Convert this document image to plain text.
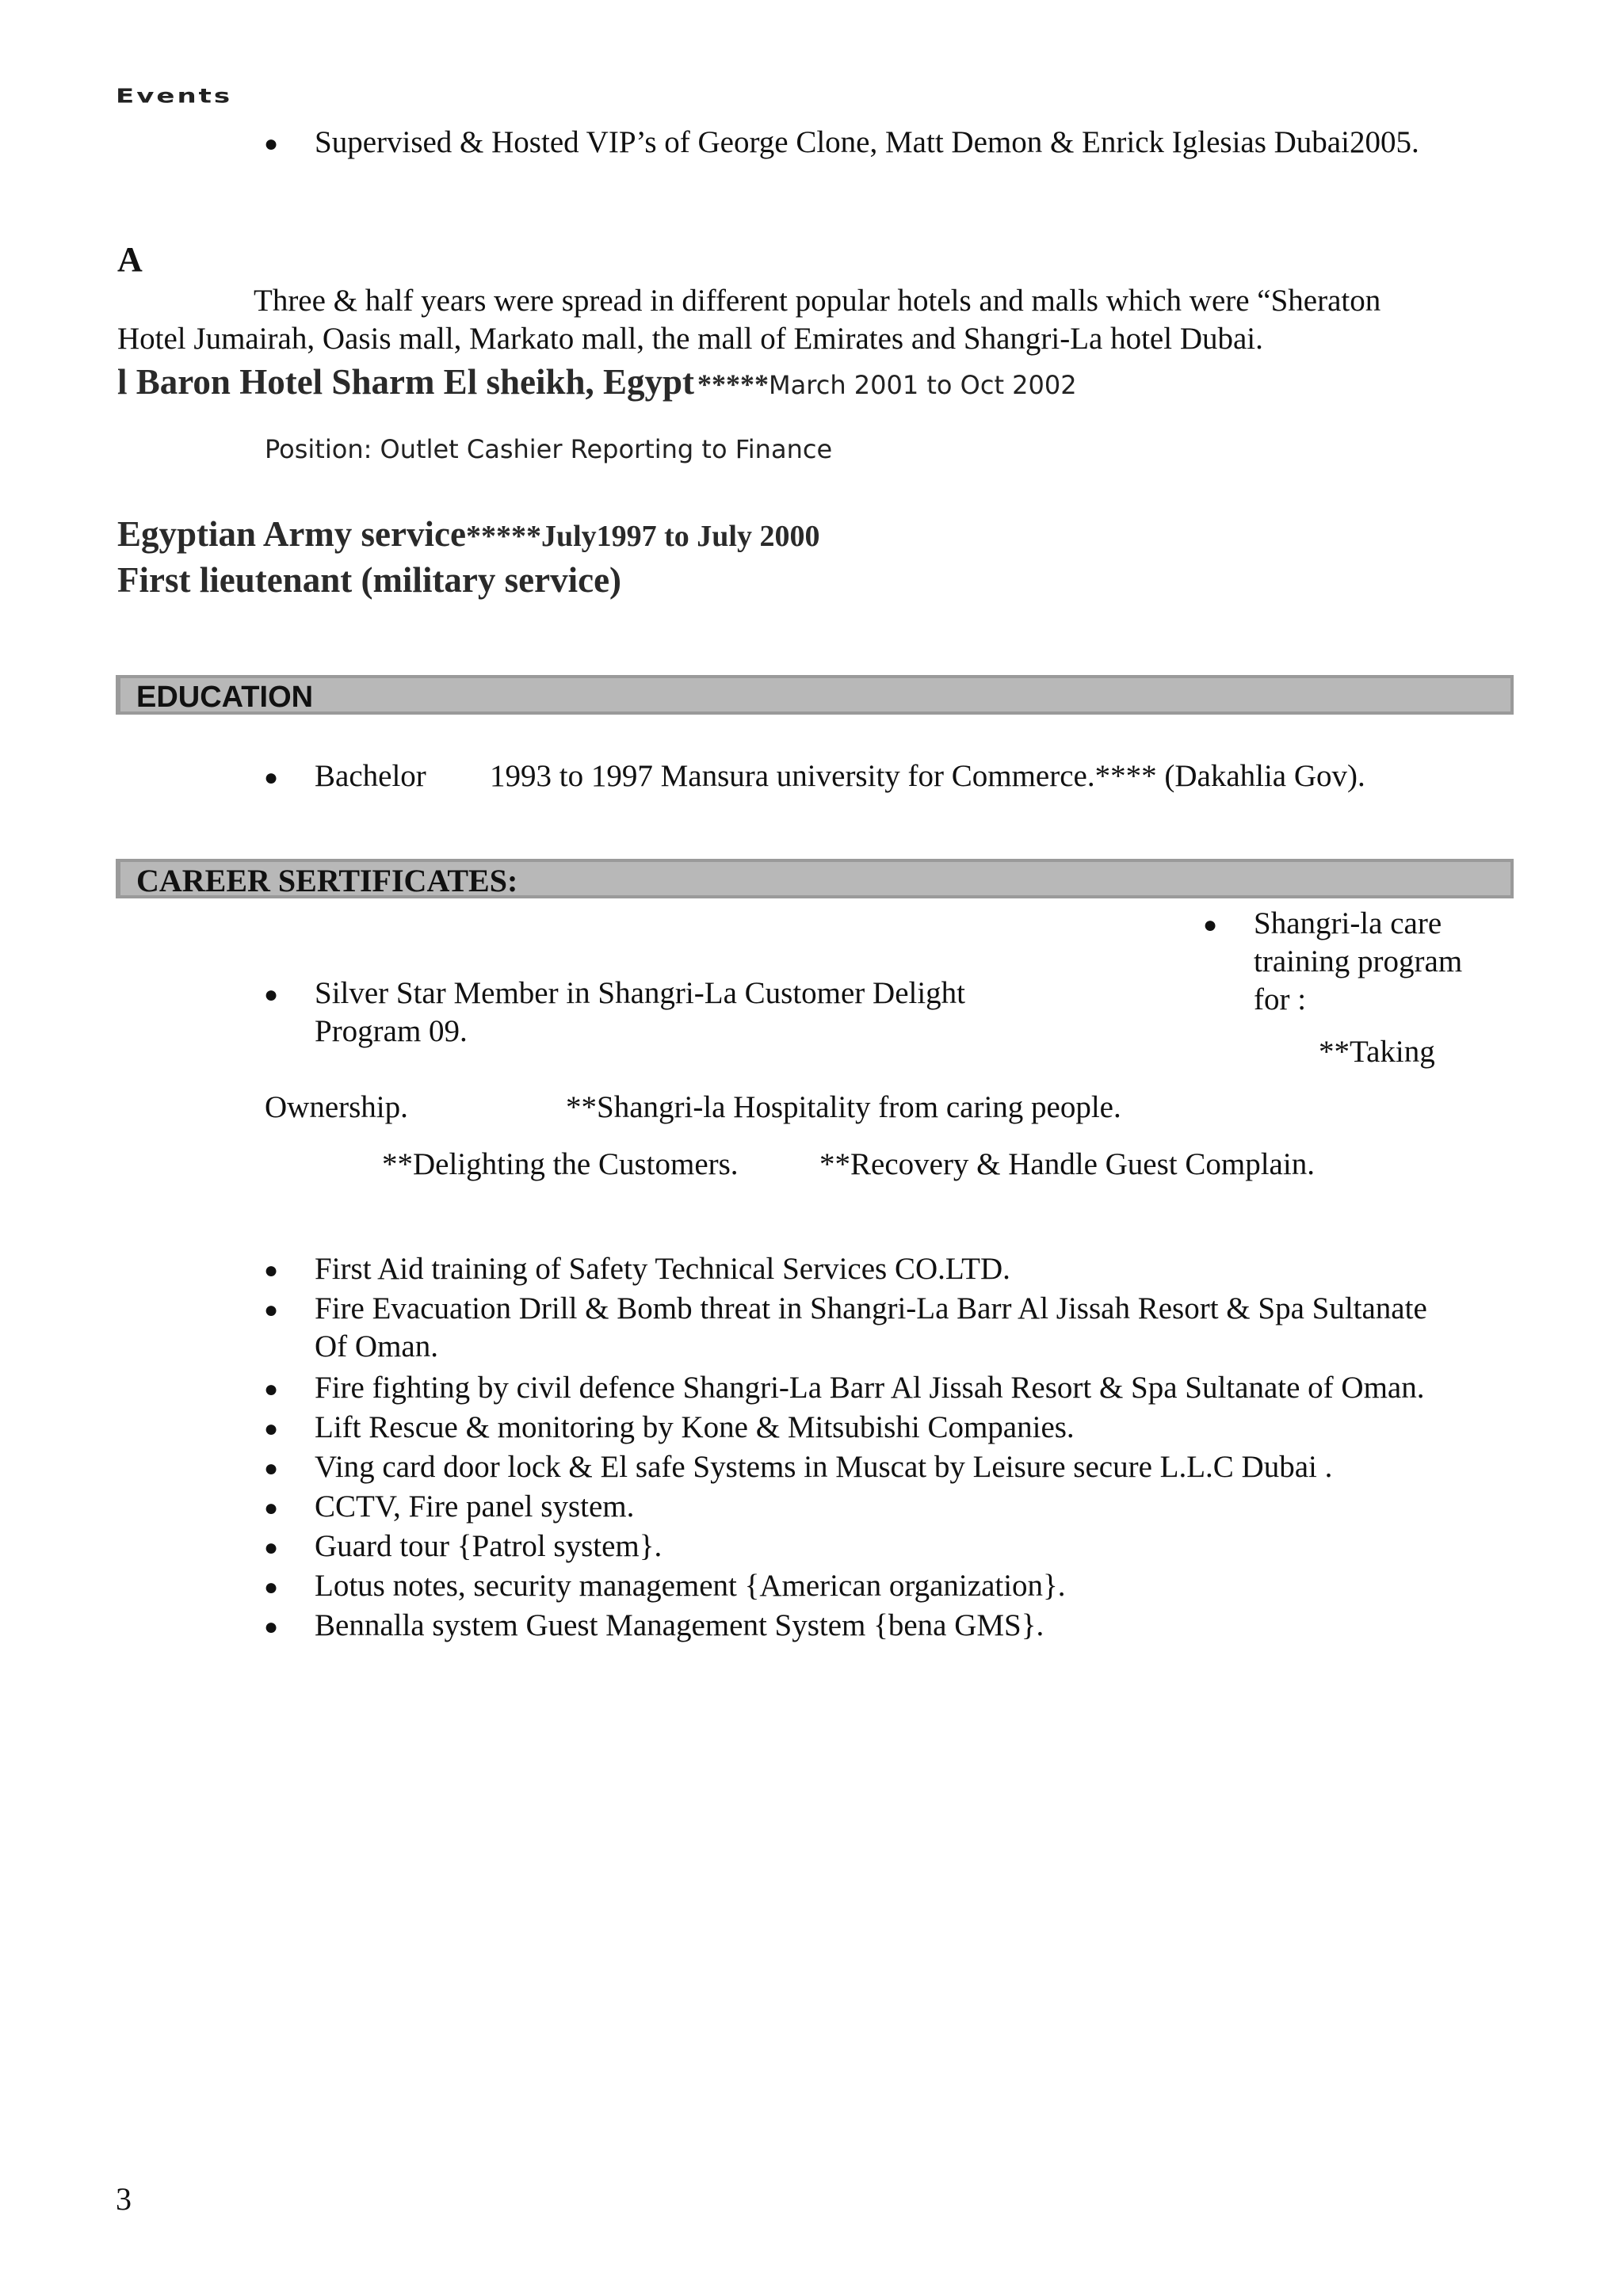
Events
● Supervised & Hosted VIP’s of George Clone, Matt Demon & Enrick Iglesias Dubai2005.
A
Three & half years were spread in different popular hotels and malls which were “Sheraton
Hotel Jumairah, Oasis mall, Markato mall, the mall of Emirates and Shangri-La hotel Dubai.
l Baron Hotel Sharm El sheikh, Egypt *****March 2001 to Oct 2002
Position: Outlet Cashier Reporting to Finance
Egyptian Army service*****July1997 to July 2000
First lieutenant (military service)
EDUCATION
● Bachelor 1993 to 1997 Mansura university for Commerce.**** (Dakahlia Gov).
CAREER SERTIFICATES:
● Shangri-la care
training program
for :
**Taking
● Silver Star Member in Shangri-La Customer Delight
Program 09.
Ownership.	**Shangri-la Hospitality from caring people.
**Delighting the Customers.	**Recovery & Handle Guest Complain.
● First Aid training of Safety Technical Services CO.LTD.
● Fire Evacuation Drill & Bomb threat in Shangri-La Barr Al Jissah Resort & Spa Sultanate
Of Oman.
● Fire fighting by civil defence Shangri-La Barr Al Jissah Resort & Spa Sultanate of Oman.
● Lift Rescue & monitoring by Kone & Mitsubishi Companies.
● Ving card door lock & El safe Systems in Muscat by Leisure secure L.L.C Dubai .
● CCTV, Fire panel system.
● Guard tour {Patrol system}.
● Lotus notes, security management {American organization}.
● Bennalla system Guest Management System {bena GMS}.
3
